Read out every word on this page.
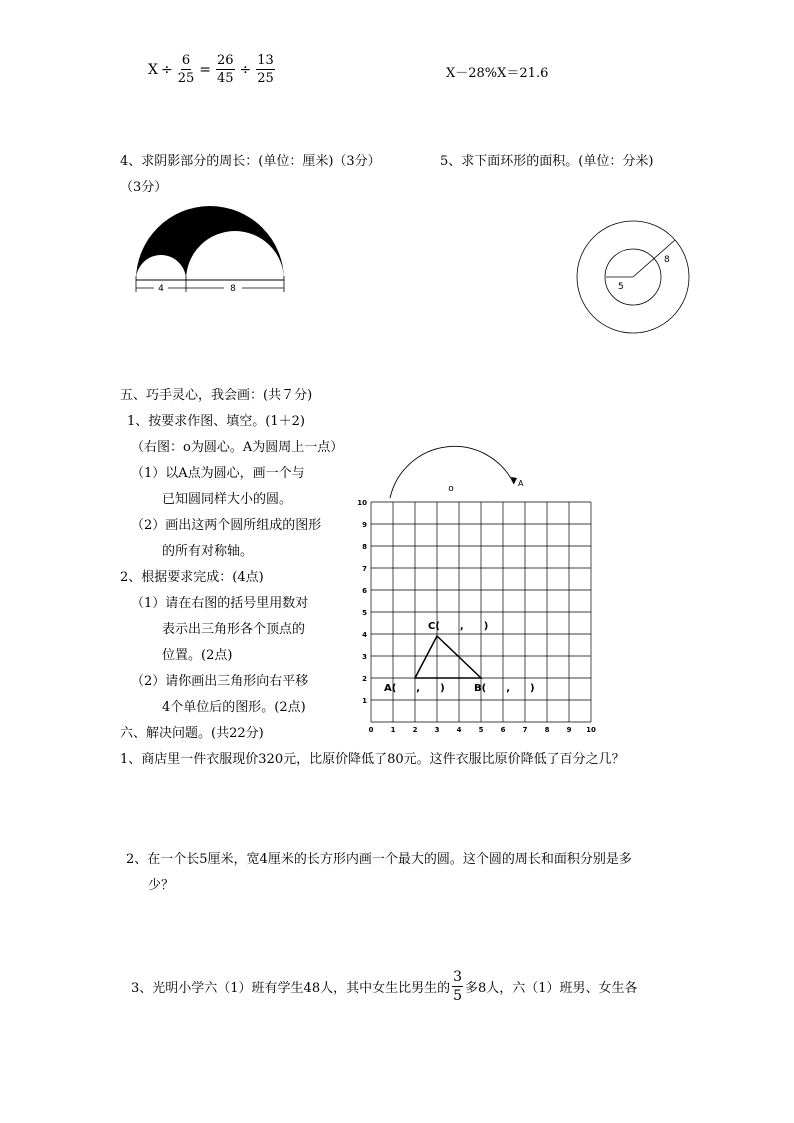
$X \div \frac{6}{25} = \frac{26}{45} \div \frac{13}{25}$	X－28%X＝21.6
4、求阴影部分的周长：(单位：厘米)（3分）
（3分）
4	8
5、求下面环形的面积。(单位：分米)
5
8
五、巧手灵心，我会画：(共７分)
1、按要求作图、填空。(1＋2)
（右图：o为圆心。A为圆周上一点）
（1）以A点为圆心，画一个与
已知圆同样大小的圆。
（2）画出这两个圆所组成的图形
的所有对称轴。
2、根据要求完成：(4点)
（1）请在右图的括号里用数对
表示出三角形各个顶点的
位置。(2点)
（2）请你画出三角形向右平移
4个单位后的图形。(2点)
o
A
0 1 2 3 4 5 6 7 8 9 10
1
2
3
4
5
6
7
8
9
10
A(　　,　　)	B(　　,　　)
C(　　,　　)
六、解决问题。(共22分)
1、商店里一件衣服现价320元，比原价降低了80元。这件衣服比原价降低了百分之几？
2、在一个长5厘米，宽4厘米的长方形内画一个最大的圆。这个圆的周长和面积分别是多
少？
3、光明小学六（1）班有学生48人，其中女生比男生的 $\frac{3}{5}$ 多8人，六（1）班男、女生各
